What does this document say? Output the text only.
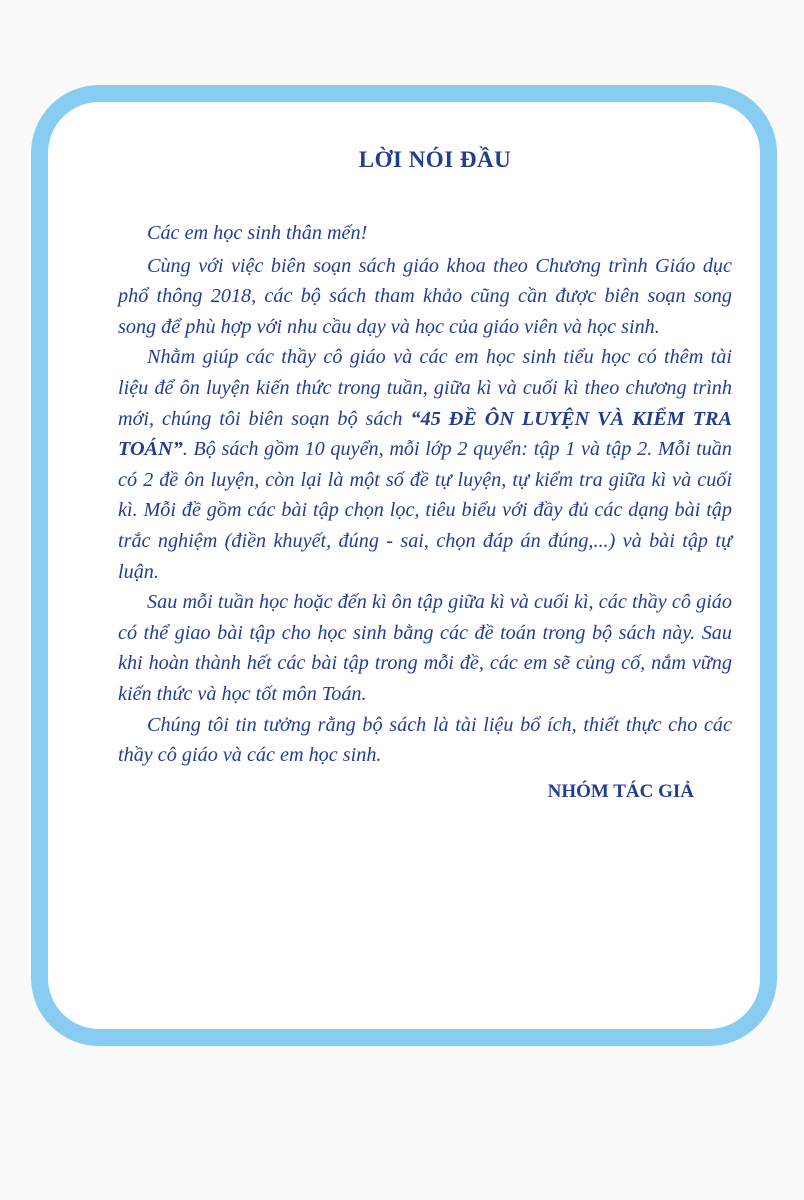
LỜI NÓI ĐẦU

Các em học sinh thân mến!

Cùng với việc biên soạn sách giáo khoa theo Chương trình Giáo dục phổ thông 2018, các bộ sách tham khảo cũng cần được biên soạn song song để phù hợp với nhu cầu dạy và học của giáo viên và học sinh.

Nhằm giúp các thầy cô giáo và các em học sinh tiểu học có thêm tài liệu để ôn luyện kiến thức trong tuần, giữa kì và cuối kì theo chương trình mới, chúng tôi biên soạn bộ sách “45 ĐỀ ÔN LUYỆN VÀ KIỂM TRA TOÁN”. Bộ sách gồm 10 quyển, mỗi lớp 2 quyển: tập 1 và tập 2. Mỗi tuần có 2 đề ôn luyện, còn lại là một số đề tự luyện, tự kiểm tra giữa kì và cuối kì. Mỗi đề gồm các bài tập chọn lọc, tiêu biểu với đầy đủ các dạng bài tập trắc nghiệm (điền khuyết, đúng - sai, chọn đáp án đúng,...) và bài tập tự luận.

Sau mỗi tuần học hoặc đến kì ôn tập giữa kì và cuối kì, các thầy cô giáo có thể giao bài tập cho học sinh bằng các đề toán trong bộ sách này. Sau khi hoàn thành hết các bài tập trong mỗi đề, các em sẽ củng cố, nắm vững kiến thức và học tốt môn Toán.

Chúng tôi tin tưởng rằng bộ sách là tài liệu bổ ích, thiết thực cho các thầy cô giáo và các em học sinh.

NHÓM TÁC GIẢ
